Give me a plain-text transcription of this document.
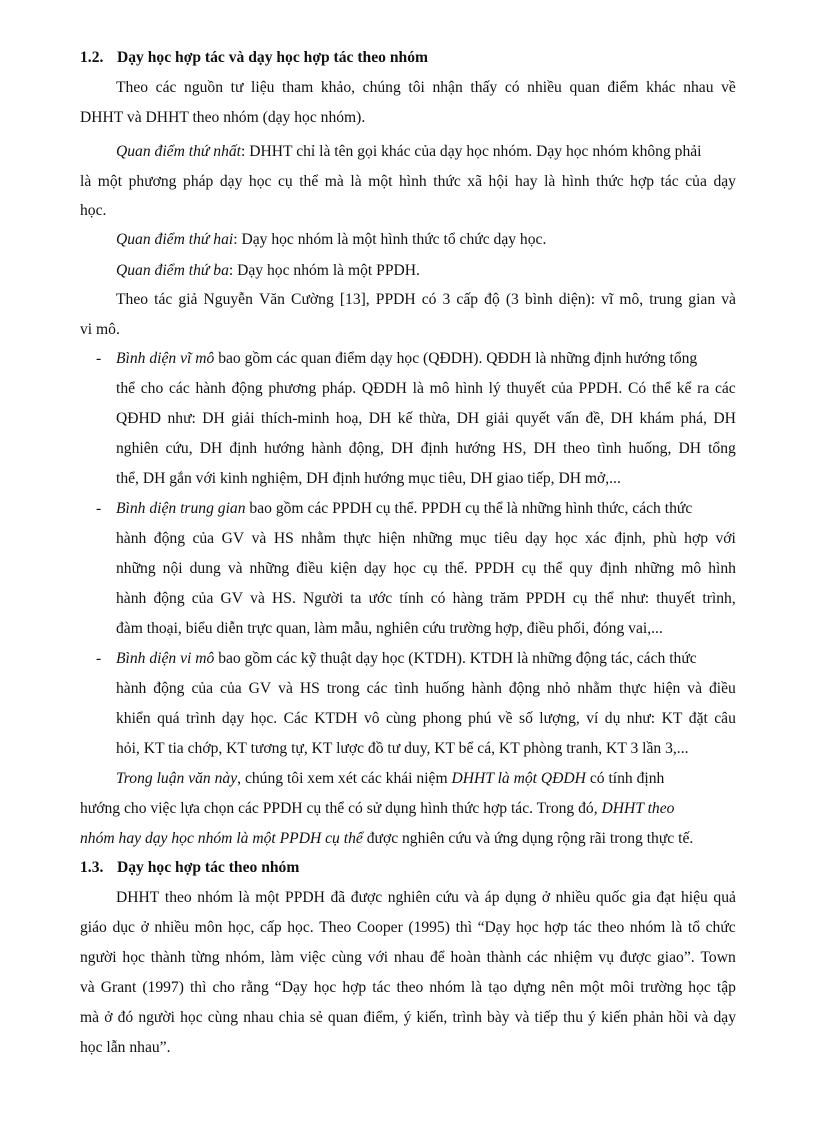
1.2. Dạy học hợp tác và dạy học hợp tác theo nhóm
Theo các nguồn tư liệu tham khảo, chúng tôi nhận thấy có nhiều quan điểm khác nhau về
DHHT và DHHT theo nhóm (dạy học nhóm).
Quan điểm thứ nhất: DHHT chỉ là tên gọi khác của dạy học nhóm. Dạy học nhóm không phải
là một phương pháp dạy học cụ thể mà là một hình thức xã hội hay là hình thức hợp tác của dạy
học.
Quan điểm thứ hai: Dạy học nhóm là một hình thức tổ chức dạy học.
Quan điểm thứ ba: Dạy học nhóm là một PPDH.
Theo tác giả Nguyễn Văn Cường [13], PPDH có 3 cấp độ (3 bình diện): vĩ mô, trung gian và
vi mô.
- Bình diện vĩ mô bao gồm các quan điểm dạy học (QĐDH). QĐDH là những định hướng tổng
thể cho các hành động phương pháp. QĐDH là mô hình lý thuyết của PPDH. Có thể kể ra các
QĐHD như: DH giải thích-minh hoạ, DH kế thừa, DH giải quyết vấn đề, DH khám phá, DH
nghiên cứu, DH định hướng hành động, DH định hướng HS, DH theo tình huống, DH tổng
thể, DH gắn với kinh nghiệm, DH định hướng mục tiêu, DH giao tiếp, DH mở,...
- Bình diện trung gian bao gồm các PPDH cụ thể. PPDH cụ thể là những hình thức, cách thức
hành động của GV và HS nhằm thực hiện những mục tiêu dạy học xác định, phù hợp với
những nội dung và những điều kiện dạy học cụ thể. PPDH cụ thể quy định những mô hình
hành động của GV và HS. Người ta ước tính có hàng trăm PPDH cụ thể như: thuyết trình,
đàm thoại, biểu diễn trực quan, làm mẫu, nghiên cứu trường hợp, điều phối, đóng vai,...
- Bình diện vi mô bao gồm các kỹ thuật dạy học (KTDH). KTDH là những động tác, cách thức
hành động của của GV và HS trong các tình huống hành động nhỏ nhằm thực hiện và điều
khiển quá trình dạy học. Các KTDH vô cùng phong phú về số lượng, ví dụ như: KT đặt câu
hỏi, KT tia chớp, KT tương tự, KT lược đồ tư duy, KT bể cá, KT phòng tranh, KT 3 lần 3,...
Trong luận văn này, chúng tôi xem xét các khái niệm DHHT là một QĐDH có tính định
hướng cho việc lựa chọn các PPDH cụ thể có sử dụng hình thức hợp tác. Trong đó, DHHT theo
nhóm hay dạy học nhóm là một PPDH cụ thể được nghiên cứu và ứng dụng rộng rãi trong thực tế.
1.3. Dạy học hợp tác theo nhóm
DHHT theo nhóm là một PPDH đã được nghiên cứu và áp dụng ở nhiều quốc gia đạt hiệu quả
giáo dục ở nhiều môn học, cấp học. Theo Cooper (1995) thì “Dạy học hợp tác theo nhóm là tổ chức
người học thành từng nhóm, làm việc cùng với nhau để hoàn thành các nhiệm vụ được giao”. Town
và Grant (1997) thì cho rằng “Dạy học hợp tác theo nhóm là tạo dựng nên một môi trường học tập
mà ở đó người học cùng nhau chia sẻ quan điểm, ý kiến, trình bày và tiếp thu ý kiến phản hồi và dạy
học lẫn nhau”.
